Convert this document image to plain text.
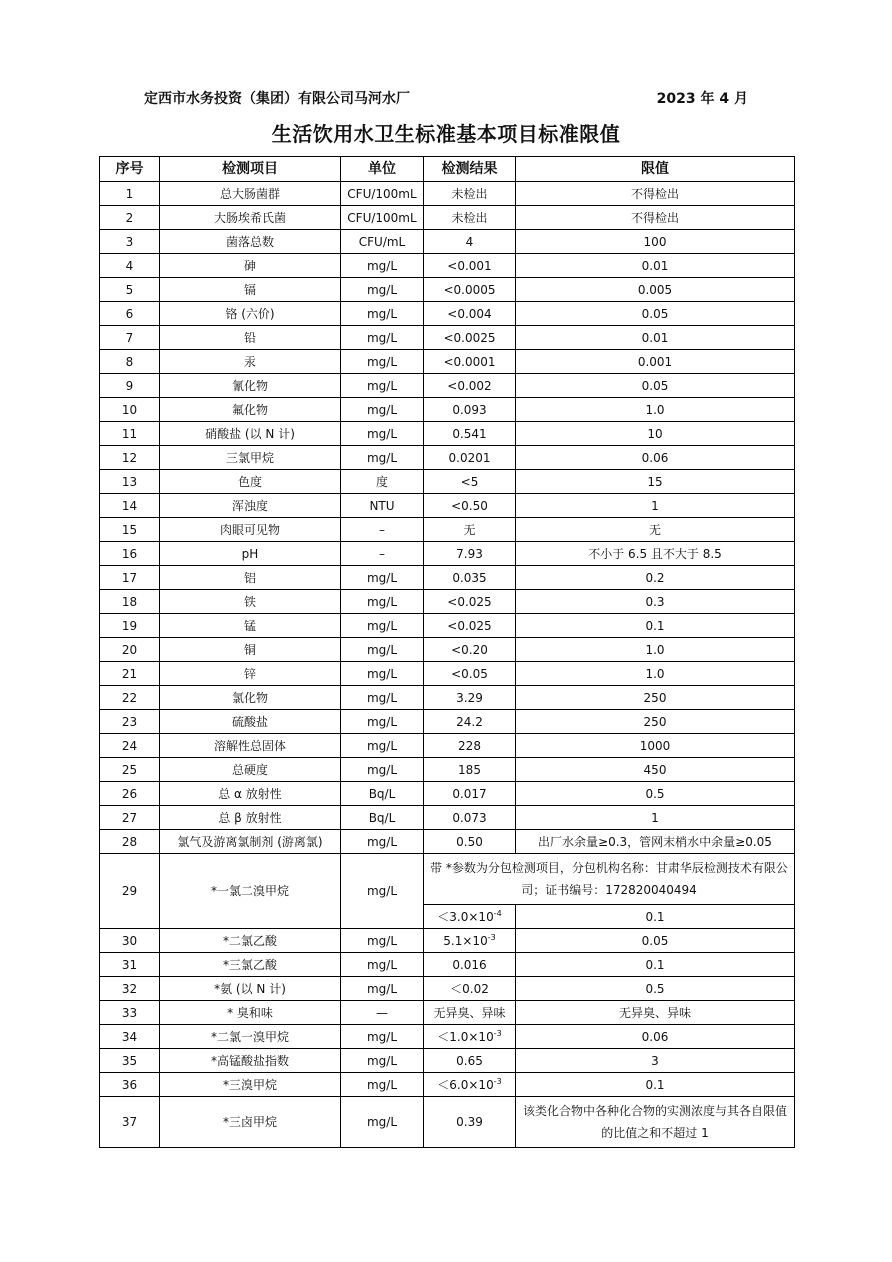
定西市水务投资（集团）有限公司马河水厂	2023 年 4 月
生活饮用水卫生标准基本项目标准限值
序号	检测项目	单位	检测结果	限值
1	总大肠菌群	CFU/100mL	未检出	不得检出
2	大肠埃希氏菌	CFU/100mL	未检出	不得检出
3	菌落总数	CFU/mL	4	100
4	砷	mg/L	<0.001	0.01
5	镉	mg/L	<0.0005	0.005
6	铬 (六价)	mg/L	<0.004	0.05
7	铅	mg/L	<0.0025	0.01
8	汞	mg/L	<0.0001	0.001
9	氰化物	mg/L	<0.002	0.05
10	氟化物	mg/L	0.093	1.0
11	硝酸盐 (以 N 计)	mg/L	0.541	10
12	三氯甲烷	mg/L	0.0201	0.06
13	色度	度	<5	15
14	浑浊度	NTU	<0.50	1
15	肉眼可见物	–	无	无
16	pH	–	7.93	不小于 6.5 且不大于 8.5
17	铝	mg/L	0.035	0.2
18	铁	mg/L	<0.025	0.3
19	锰	mg/L	<0.025	0.1
20	铜	mg/L	<0.20	1.0
21	锌	mg/L	<0.05	1.0
22	氯化物	mg/L	3.29	250
23	硫酸盐	mg/L	24.2	250
24	溶解性总固体	mg/L	228	1000
25	总硬度	mg/L	185	450
26	总 α 放射性	Bq/L	0.017	0.5
27	总 β 放射性	Bq/L	0.073	1
28	氯气及游离氯制剂 (游离氯)	mg/L	0.50	出厂水余量≥0.3，管网末梢水中余量≥0.05
29	*一氯二溴甲烷	mg/L	带 *参数为分包检测项目，分包机构名称：甘肃华辰检测技术有限公司；证书编号：172820040494	
			$<3.0\times 10^{-4}$	0.1
30	*二氯乙酸	mg/L	$5.1\times 10^{-3}$	0.05
31	*三氯乙酸	mg/L	0.016	0.1
32	*氨 (以 N 计)	mg/L	＜0.02	0.5
33	* 臭和味	—	无异臭、异味	无异臭、异味
34	*二氯一溴甲烷	mg/L	$<1.0\times 10^{-3}$	0.06
35	*高锰酸盐指数	mg/L	0.65	3
36	*三溴甲烷	mg/L	$<6.0\times 10^{-3}$	0.1
37	*三卤甲烷	mg/L	0.39	该类化合物中各种化合物的实测浓度与其各自限值的比值之和不超过 1
